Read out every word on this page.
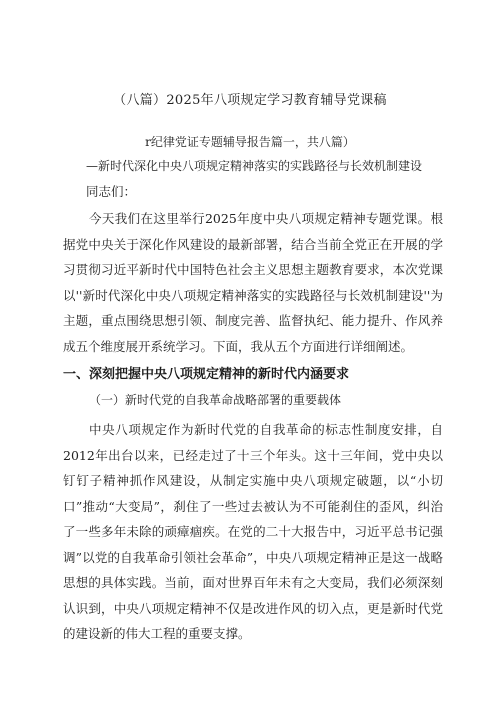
（八篇）2025年八项规定学习教育辅导党课稿
r纪律党证专题辅导报告篇一，共八篇）
—新时代深化中央八项规定精神落实的实践路径与长效机制建设
同志们：
今天我们在这里举行2025年度中央八项规定精神专题党课。根据党中央关于深化作风建设的最新部署，结合当前全党正在开展的学习贯彻习近平新时代中国特色社会主义思想主题教育要求，本次党课以''新时代深化中央八项规定精神落实的实践路径与长效机制建设''为主题，重点围绕思想引领、制度完善、监督执纪、能力提升、作风养成五个维度展开系统学习。下面，我从五个方面进行详细阐述。
一、深刻把握中央八项规定精神的新时代内涵要求
（一）新时代党的自我革命战略部署的重要载体
中央八项规定作为新时代党的自我革命的标志性制度安排，自2012年出台以来，已经走过了十三个年头。这十三年间，党中央以钉钉子精神抓作风建设，从制定实施中央八项规定破题，以“小切口”推动“大变局”，刹住了一些过去被认为不可能刹住的歪风，纠治了一些多年未除的顽瘴痼疾。在党的二十大报告中，习近平总书记强调”以党的自我革命引领社会革命”，中央八项规定精神正是这一战略思想的具体实践。当前，面对世界百年未有之大变局，我们必须深刻认识到，中央八项规定精神不仅是改进作风的切入点，更是新时代党的建设新的伟大工程的重要支撑。
